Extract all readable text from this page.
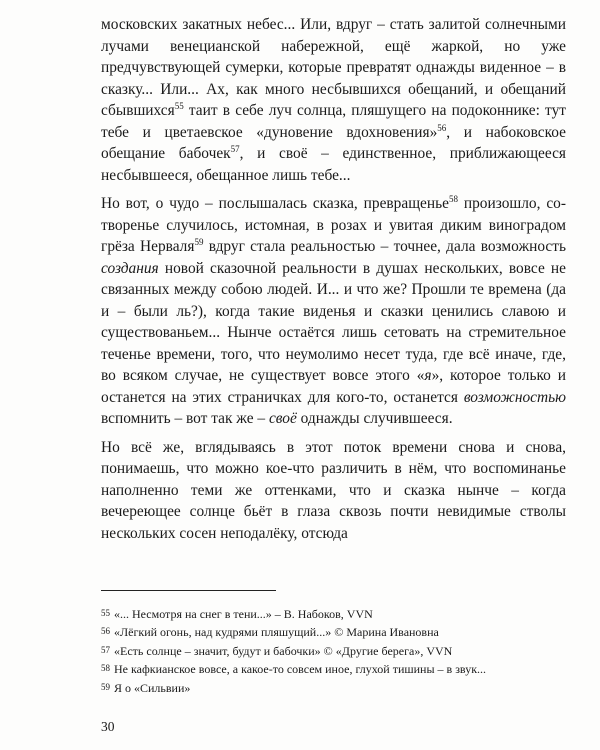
московских закатных небес... Или, вдруг – стать залитой солнечными лучами венецианской набережной, ещё жаркой, но уже предчувствующей сумерки, которые превратят однажды виденное – в сказку... Или... Ах, как много несбывшихся обещаний, и обещаний сбывшихся$^{55}$ таит в себе луч солнца, пляшущего на подоконнике: тут тебе и цветаевское «дуновение вдохновения»$^{56}$, и набоковское обещание бабочек$^{57}$, и своё – единственное, приближающееся несбывшееся, обещанное лишь тебе...

Но вот, о чудо – послышалась сказка, превращенье$^{58}$ произошло, со-творенье случилось, истомная, в розах и увитая диким виноградом грёза Нерваля$^{59}$ вдруг стала реальностью – точнее, дала возможность создания новой сказочной реальности в душах нескольких, вовсе не связанных между собою людей. И... и что же? Прошли те времена (да и – были ль?), когда такие виденья и сказки ценились славою и существованьем... Нынче остаётся лишь сетовать на стремительное теченье времени, того, что неумолимо несет туда, где всё иначе, где, во всяком случае, не существует вовсе этого «я», которое только и останется на этих страничках для кого-то, останется возможностью вспомнить – вот так же – своё однажды случившееся.

Но всё же, вглядываясь в этот поток времени снова и снова, понимаешь, что можно кое-что различить в нём, что воспоминанье наполненно теми же оттенками, что и сказка нынче – когда вечереющее солнце бьёт в глаза сквозь почти невидимые стволы нескольких сосен неподалёку, отсюда

55 «... Несмотря на снег в тени...» – В. Набоков, VVN
56 «Лёгкий огонь, над кудрями пляшущий...» © Марина Ивановна
57 «Есть солнце – значит, будут и бабочки» © «Другие берега», VVN
58 Не кафкианское вовсе, а какое-то совсем иное, глухой тишины – в звук...
59 Я о «Сильвии»
30
